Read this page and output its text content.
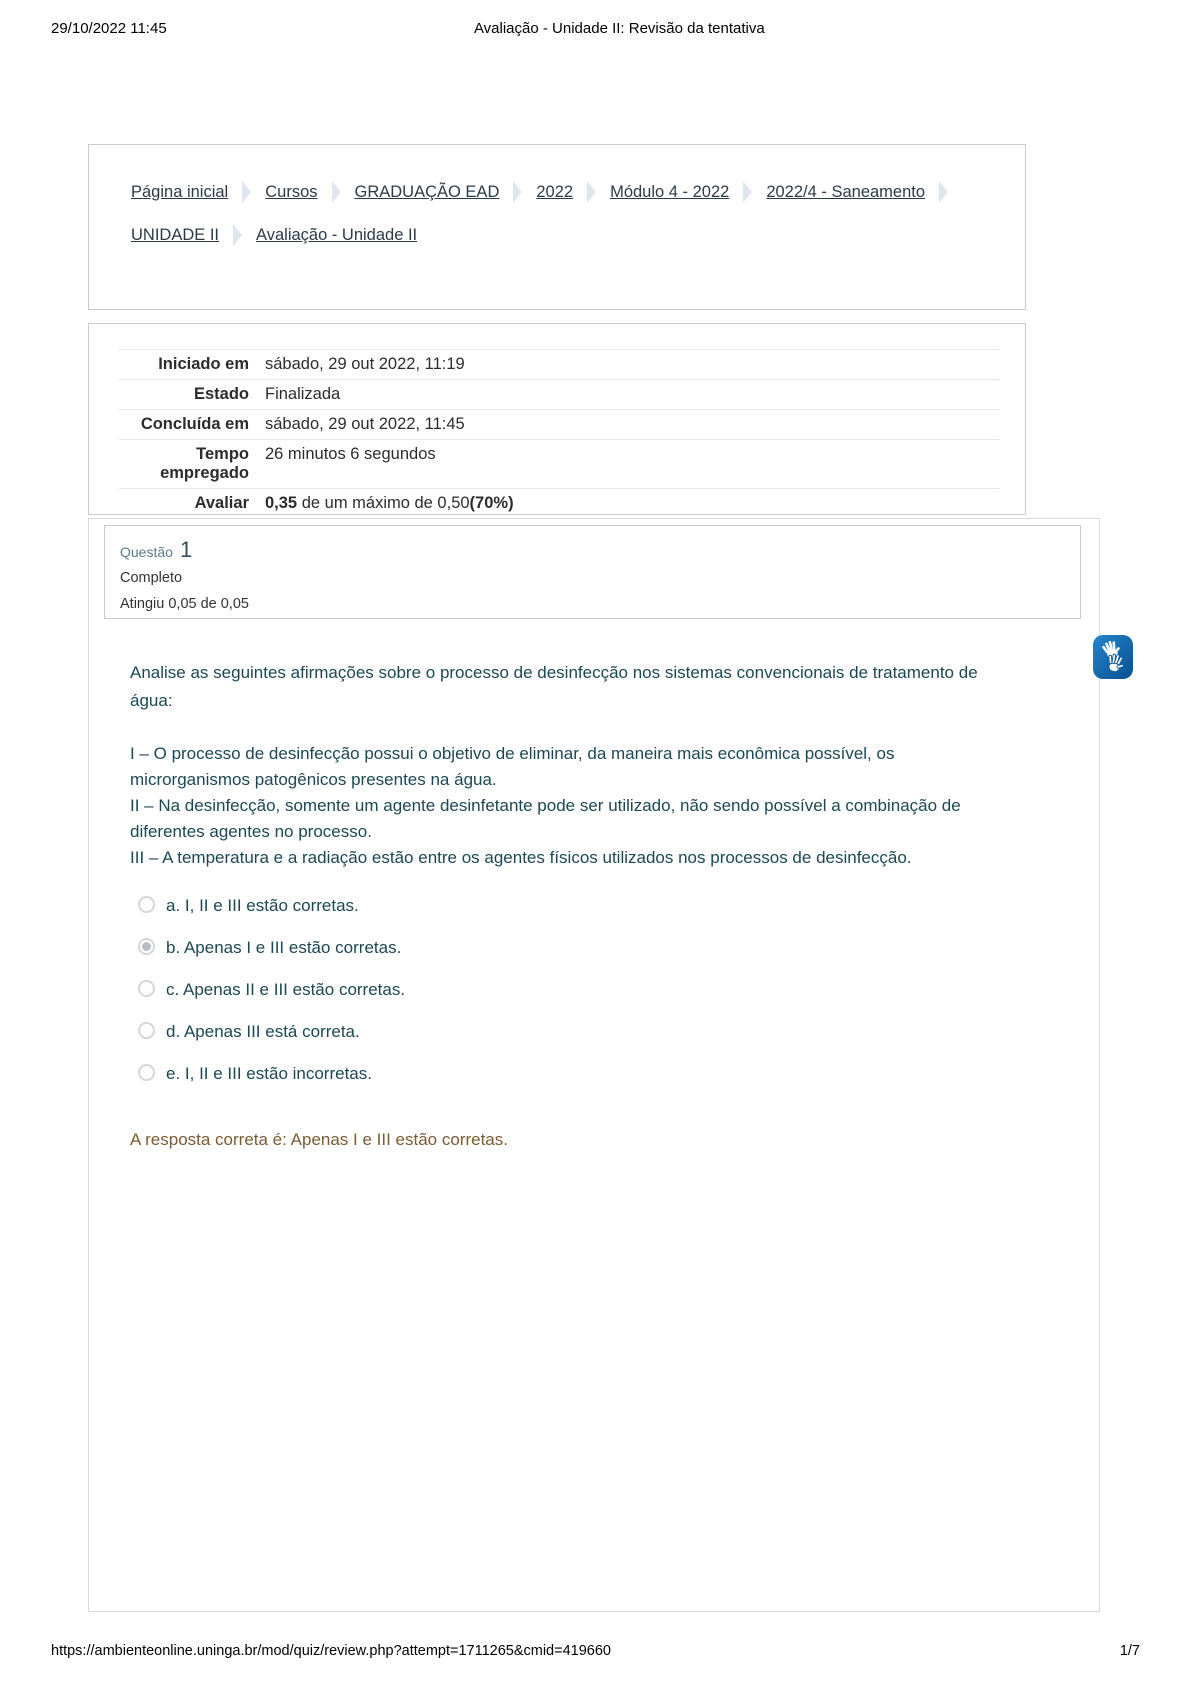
29/10/2022 11:45	Avaliação - Unidade II: Revisão da tentativa
Página inicial Cursos GRADUAÇÃO EAD 2022 Módulo 4 - 2022 2022/4 - Saneamento
UNIDADE II Avaliação - Unidade II
Iniciado em sábado, 29 out 2022, 11:19
Estado Finalizada
Concluída em sábado, 29 out 2022, 11:45
Tempo empregado
26 minutos 6 segundos
Avaliar 0,35 de um máximo de 0,50(70%)
Questão 1
Completo
Atingiu 0,05 de 0,05
Analise as seguintes afirmações sobre o processo de desinfecção nos sistemas convencionais de tratamento de água:
I – O processo de desinfecção possui o objetivo de eliminar, da maneira mais econômica possível, os microrganismos patogênicos presentes na água.
II – Na desinfecção, somente um agente desinfetante pode ser utilizado, não sendo possível a combinação de diferentes agentes no processo.
III – A temperatura e a radiação estão entre os agentes físicos utilizados nos processos de desinfecção.
a. I, II e III estão corretas.
b. Apenas I e III estão corretas.
c. Apenas II e III estão corretas.
d. Apenas III está correta.
e. I, II e III estão incorretas.
A resposta correta é: Apenas I e III estão corretas.
https://ambienteonline.uninga.br/mod/quiz/review.php?attempt=1711265&cmid=419660	1/7
